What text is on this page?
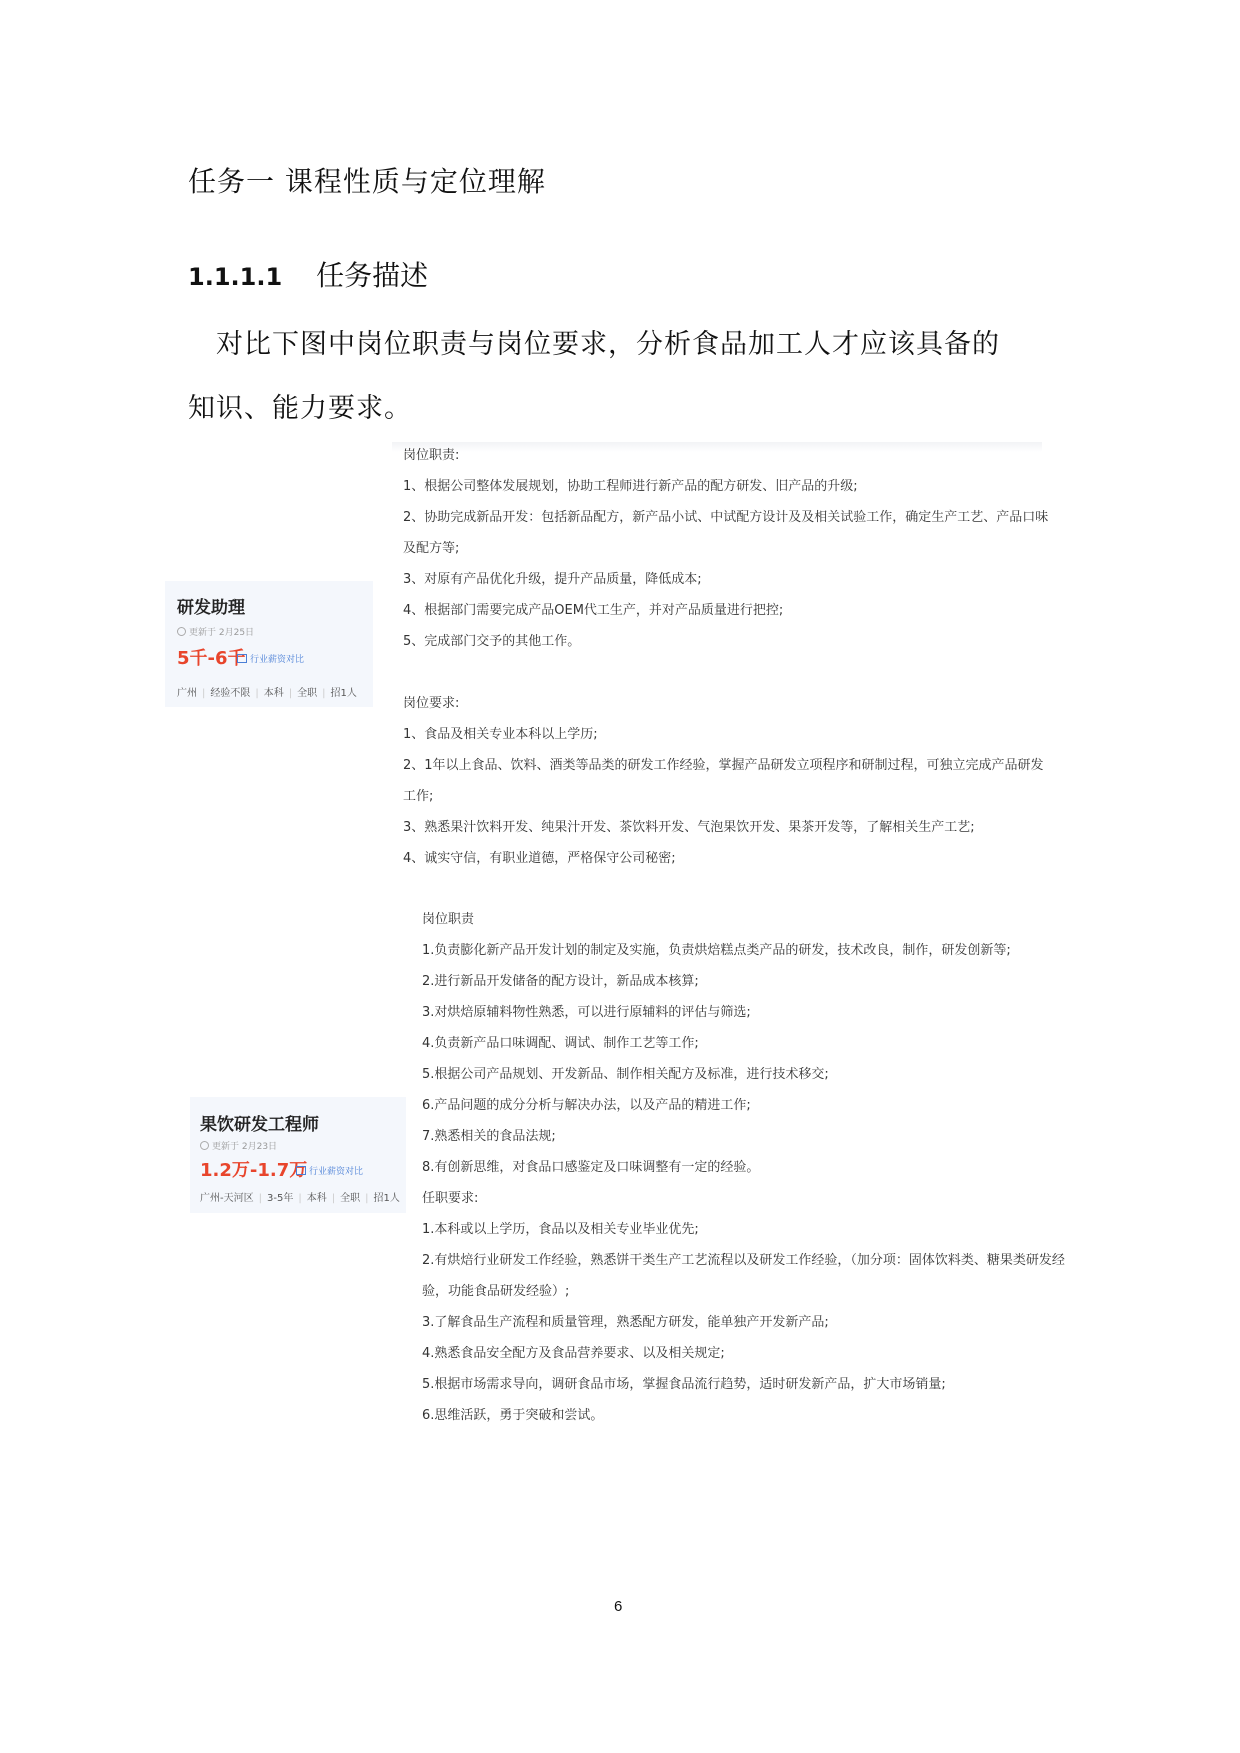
任务一 课程性质与定位理解
1.1.1.1 任务描述
对比下图中岗位职责与岗位要求，分析食品加工人才应该具备的
知识、能力要求。
岗位职责:
1、根据公司整体发展规划，协助工程师进行新产品的配方研发、旧产品的升级;
2、协助完成新品开发：包括新品配方，新产品小试、中试配方设计及及相关试验工作，确定生产工艺、产品口味
及配方等;
3、对原有产品优化升级，提升产品质量，降低成本;
4、根据部门需要完成产品OEM代工生产，并对产品质量进行把控;
5、完成部门交予的其他工作。
岗位要求:
1、食品及相关专业本科以上学历;
2、1年以上食品、饮料、酒类等品类的研发工作经验，掌握产品研发立项程序和研制过程，可独立完成产品研发
工作;
3、熟悉果汁饮料开发、纯果汁开发、茶饮料开发、气泡果饮开发、果茶开发等，了解相关生产工艺;
4、诚实守信，有职业道德，严格保守公司秘密;
研发助理
更新于 2月25日
5千-6千 行业薪资对比
广州 | 经验不限 | 本科 | 全职 | 招1人
岗位职责
1.负责膨化新产品开发计划的制定及实施，负责烘焙糕点类产品的研发，技术改良，制作，研发创新等;
2.进行新品开发储备的配方设计，新品成本核算;
3.对烘焙原辅料物性熟悉，可以进行原辅料的评估与筛选;
4.负责新产品口味调配、调试、制作工艺等工作;
5.根据公司产品规划、开发新品、制作相关配方及标准，进行技术移交;
6.产品问题的成分分析与解决办法，以及产品的精进工作;
7.熟悉相关的食品法规;
8.有创新思维，对食品口感鉴定及口味调整有一定的经验。
任职要求:
1.本科或以上学历，食品以及相关专业毕业优先;
2.有烘焙行业研发工作经验，熟悉饼干类生产工艺流程以及研发工作经验，（加分项：固体饮料类、糖果类研发经
验，功能食品研发经验）;
3.了解食品生产流程和质量管理，熟悉配方研发，能单独产开发新产品;
4.熟悉食品安全配方及食品营养要求、以及相关规定;
5.根据市场需求导向，调研食品市场，掌握食品流行趋势，适时研发新产品，扩大市场销量;
6.思维活跃，勇于突破和尝试。
果饮研发工程师
更新于 2月23日
1.2万-1.7万 行业薪资对比
广州-天河区 | 3-5年 | 本科 | 全职 | 招1人
6
